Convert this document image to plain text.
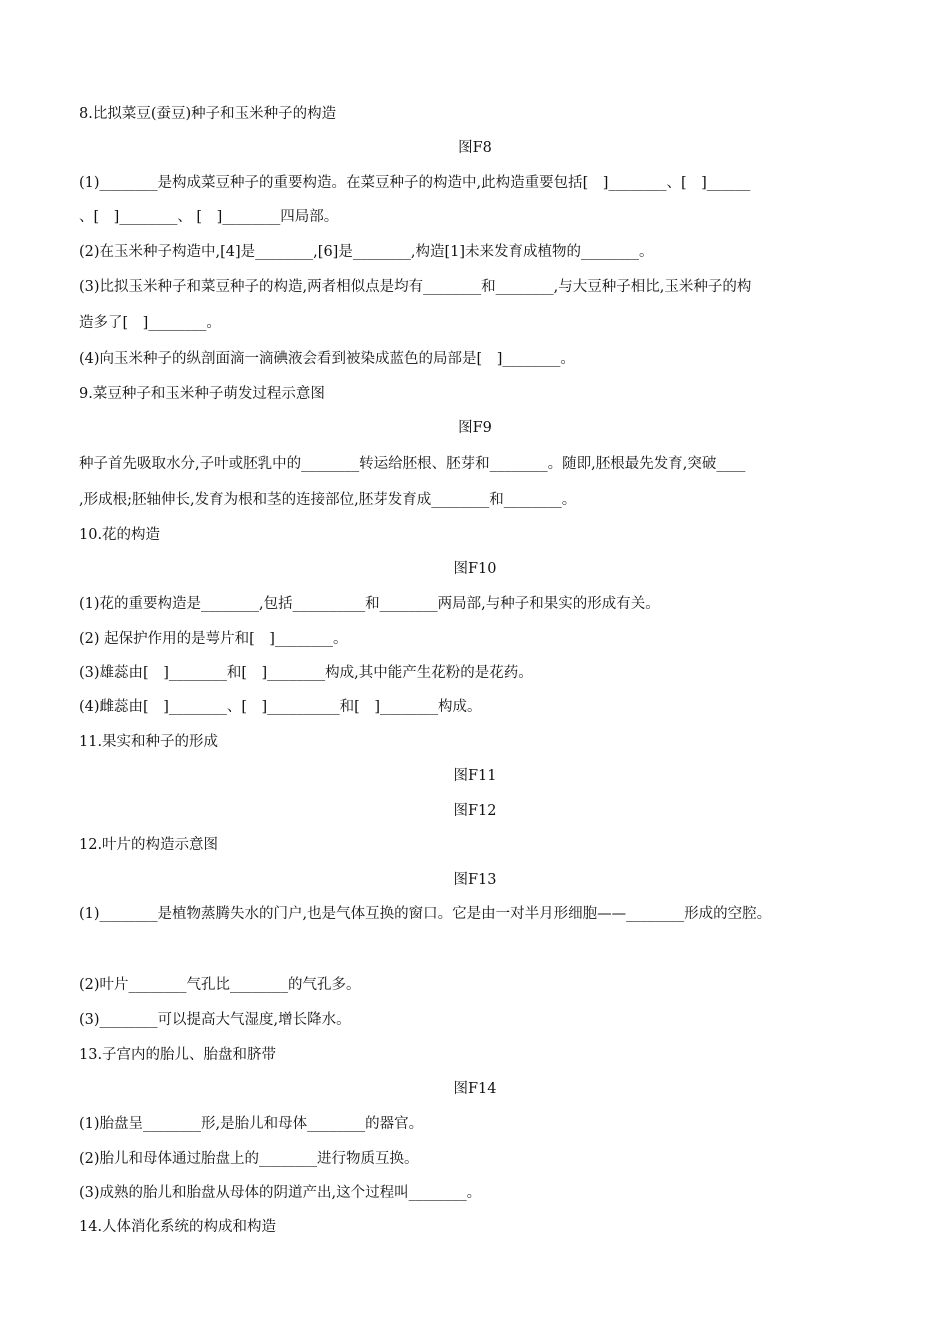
8.比拟菜豆(蚕豆)种子和玉米种子的构造
图F8
(1)________是构成菜豆种子的重要构造。在菜豆种子的构造中,此构造重要包括[　]________、[　]______
、[　]________、 [　]________四局部。
(2)在玉米种子构造中,[4]是________,[6]是________,构造[1]未来发育成植物的________。
(3)比拟玉米种子和菜豆种子的构造,两者相似点是均有________和________,与大豆种子相比,玉米种子的构
造多了[　]________。
(4)向玉米种子的纵剖面滴一滴碘液会看到被染成蓝色的局部是[　]________。
9.菜豆种子和玉米种子萌发过程示意图
图F9
种子首先吸取水分,子叶或胚乳中的________转运给胚根、胚芽和________。随即,胚根最先发育,突破____
,形成根;胚轴伸长,发育为根和茎的连接部位,胚芽发育成________和________。
10.花的构造
图F10
(1)花的重要构造是________,包括__________和________两局部,与种子和果实的形成有关。
(2) 起保护作用的是萼片和[　]________。
(3)雄蕊由[　]________和[　]________构成,其中能产生花粉的是花药。
(4)雌蕊由[　]________、[　]__________和[　]________构成。
11.果实和种子的形成
图F11
图F12
12.叶片的构造示意图
图F13
(1)________是植物蒸腾失水的门户,也是气体互换的窗口。它是由一对半月形细胞——________形成的空腔。
(2)叶片________气孔比________的气孔多。
(3)________可以提高大气湿度,增长降水。
13.子宫内的胎儿、胎盘和脐带
图F14
(1)胎盘呈________形,是胎儿和母体________的器官。
(2)胎儿和母体通过胎盘上的________进行物质互换。
(3)成熟的胎儿和胎盘从母体的阴道产出,这个过程叫________。
14.人体消化系统的构成和构造
